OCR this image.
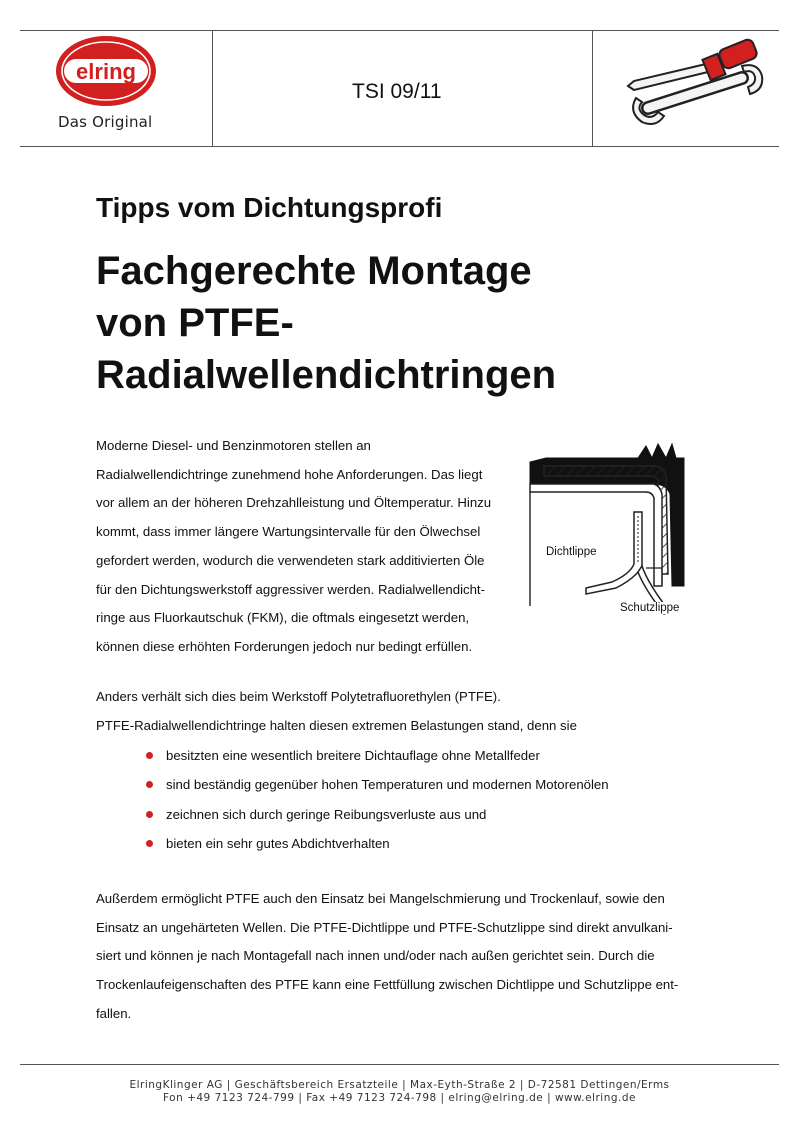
elring
Das Original
TSI 09/11
Tipps vom Dichtungsprofi
Fachgerechte Montage
von PTFE-
Radialwellendichtringen

Moderne Diesel- und Benzinmotoren stellen an
Radialwellendichtringe zunehmend hohe Anforderungen. Das liegt
vor allem an der höheren Drehzahlleistung und Öltemperatur. Hinzu
kommt, dass immer längere Wartungsintervalle für den Ölwechsel
gefordert werden, wodurch die verwendeten stark additivierten Öle
für den Dichtungswerkstoff aggressiver werden. Radialwellendicht-
ringe aus Fluorkautschuk (FKM), die oftmals eingesetzt werden,
können diese erhöhten Forderungen jedoch nur bedingt erfüllen.

Dichtlippe
Schutzlippe

Anders verhält sich dies beim Werkstoff Polytetrafluorethylen (PTFE).
PTFE-Radialwellendichtringe halten diesen extremen Belastungen stand, denn sie

besitzten eine wesentlich breitere Dichtauflage ohne Metallfeder
sind beständig gegenüber hohen Temperaturen und modernen Motorenölen
zeichnen sich durch geringe Reibungsverluste aus und
bieten ein sehr gutes Abdichtverhalten

Außerdem ermöglicht PTFE auch den Einsatz bei Mangelschmierung und Trockenlauf, sowie den
Einsatz an ungehärteten Wellen. Die PTFE-Dichtlippe und PTFE-Schutzlippe sind direkt anvulkani-
siert und können je nach Montagefall nach innen und/oder nach außen gerichtet sein. Durch die
Trockenlaufeigenschaften des PTFE kann eine Fettfüllung zwischen Dichtlippe und Schutzlippe ent-
fallen.

ElringKlinger AG | Geschäftsbereich Ersatzteile | Max-Eyth-Straße 2 | D-72581 Dettingen/Erms
Fon +49 7123 724-799 | Fax +49 7123 724-798 | elring@elring.de | www.elring.de
